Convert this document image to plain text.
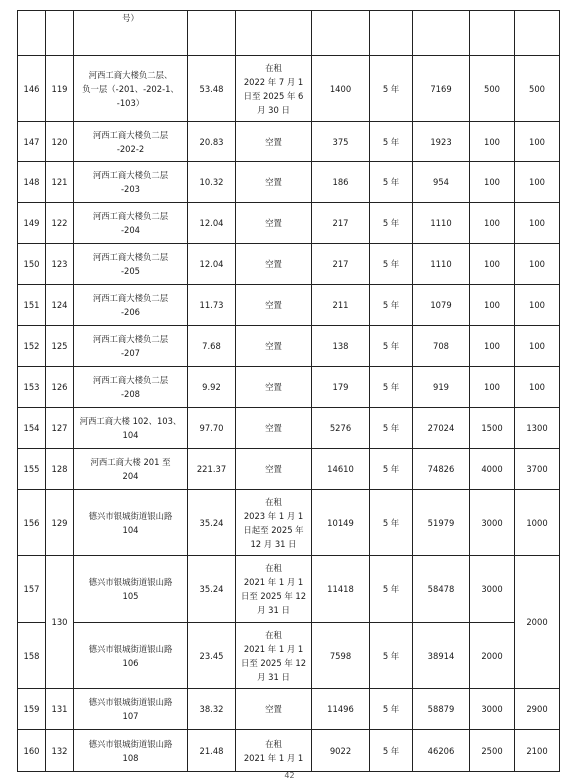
		号）							
146	119	河西工商大楼负二层、
负一层（-201、-202-1、
-103）	53.48	在租
2022 年 7 月 1
日至 2025 年 6
月 30 日	1400	5 年	7169	500	500
147	120	河西工商大楼负二层
-202-2	20.83	空置	375	5 年	1923	100	100
148	121	河西工商大楼负二层
-203	10.32	空置	186	5 年	954	100	100
149	122	河西工商大楼负二层
-204	12.04	空置	217	5 年	1110	100	100
150	123	河西工商大楼负二层
-205	12.04	空置	217	5 年	1110	100	100
151	124	河西工商大楼负二层
-206	11.73	空置	211	5 年	1079	100	100
152	125	河西工商大楼负二层
-207	7.68	空置	138	5 年	708	100	100
153	126	河西工商大楼负二层
-208	9.92	空置	179	5 年	919	100	100
154	127	河西工商大楼 102、103、
104	97.70	空置	5276	5 年	27024	1500	1300
155	128	河西工商大楼 201 至
204	221.37	空置	14610	5 年	74826	4000	3700
156	129	德兴市银城街道银山路
104	35.24	在租
2023 年 1 月 1
日起至 2025 年
12 月 31 日	10149	5 年	51979	3000	1000
157	130	德兴市银城街道银山路
105	35.24	在租
2021 年 1 月 1
日至 2025 年 12
月 31 日	11418	5 年	58478	3000	2000
158		德兴市银城街道银山路
106	23.45	在租
2021 年 1 月 1
日至 2025 年 12
月 31 日	7598	5 年	38914	2000	
159	131	德兴市银城街道银山路
107	38.32	空置	11496	5 年	58879	3000	2900
160	132	德兴市银城街道银山路
108	21.48	在租
2021 年 1 月 1	9022	5 年	46206	2500	2100
42
